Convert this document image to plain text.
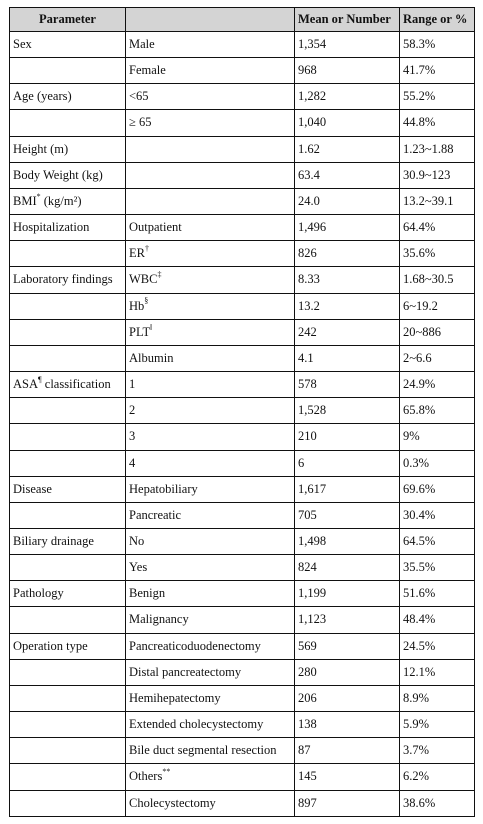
Parameter		Mean or Number	Range or %
Sex	Male	1,354	58.3%
	Female	968	41.7%
Age (years)	<65	1,282	55.2%
	≥ 65	1,040	44.8%
Height (m)		1.62	1.23~1.88
Body Weight (kg)		63.4	30.9~123
BMI* (kg/m²)		24.0	13.2~39.1
Hospitalization	Outpatient	1,496	64.4%
	ER†	826	35.6%
Laboratory findings	WBC‡	8.33	1.68~30.5
	Hb§	13.2	6~19.2
	PLT‖	242	20~886
	Albumin	4.1	2~6.6
ASA¶ classification	1	578	24.9%
	2	1,528	65.8%
	3	210	9%
	4	6	0.3%
Disease	Hepatobiliary	1,617	69.6%
	Pancreatic	705	30.4%
Biliary drainage	No	1,498	64.5%
	Yes	824	35.5%
Pathology	Benign	1,199	51.6%
	Malignancy	1,123	48.4%
Operation type	Pancreaticoduodenectomy	569	24.5%
	Distal pancreatectomy	280	12.1%
	Hemihepatectomy	206	8.9%
	Extended cholecystectomy	138	5.9%
	Bile duct segmental resection	87	3.7%
	Others**	145	6.2%
	Cholecystectomy	897	38.6%
